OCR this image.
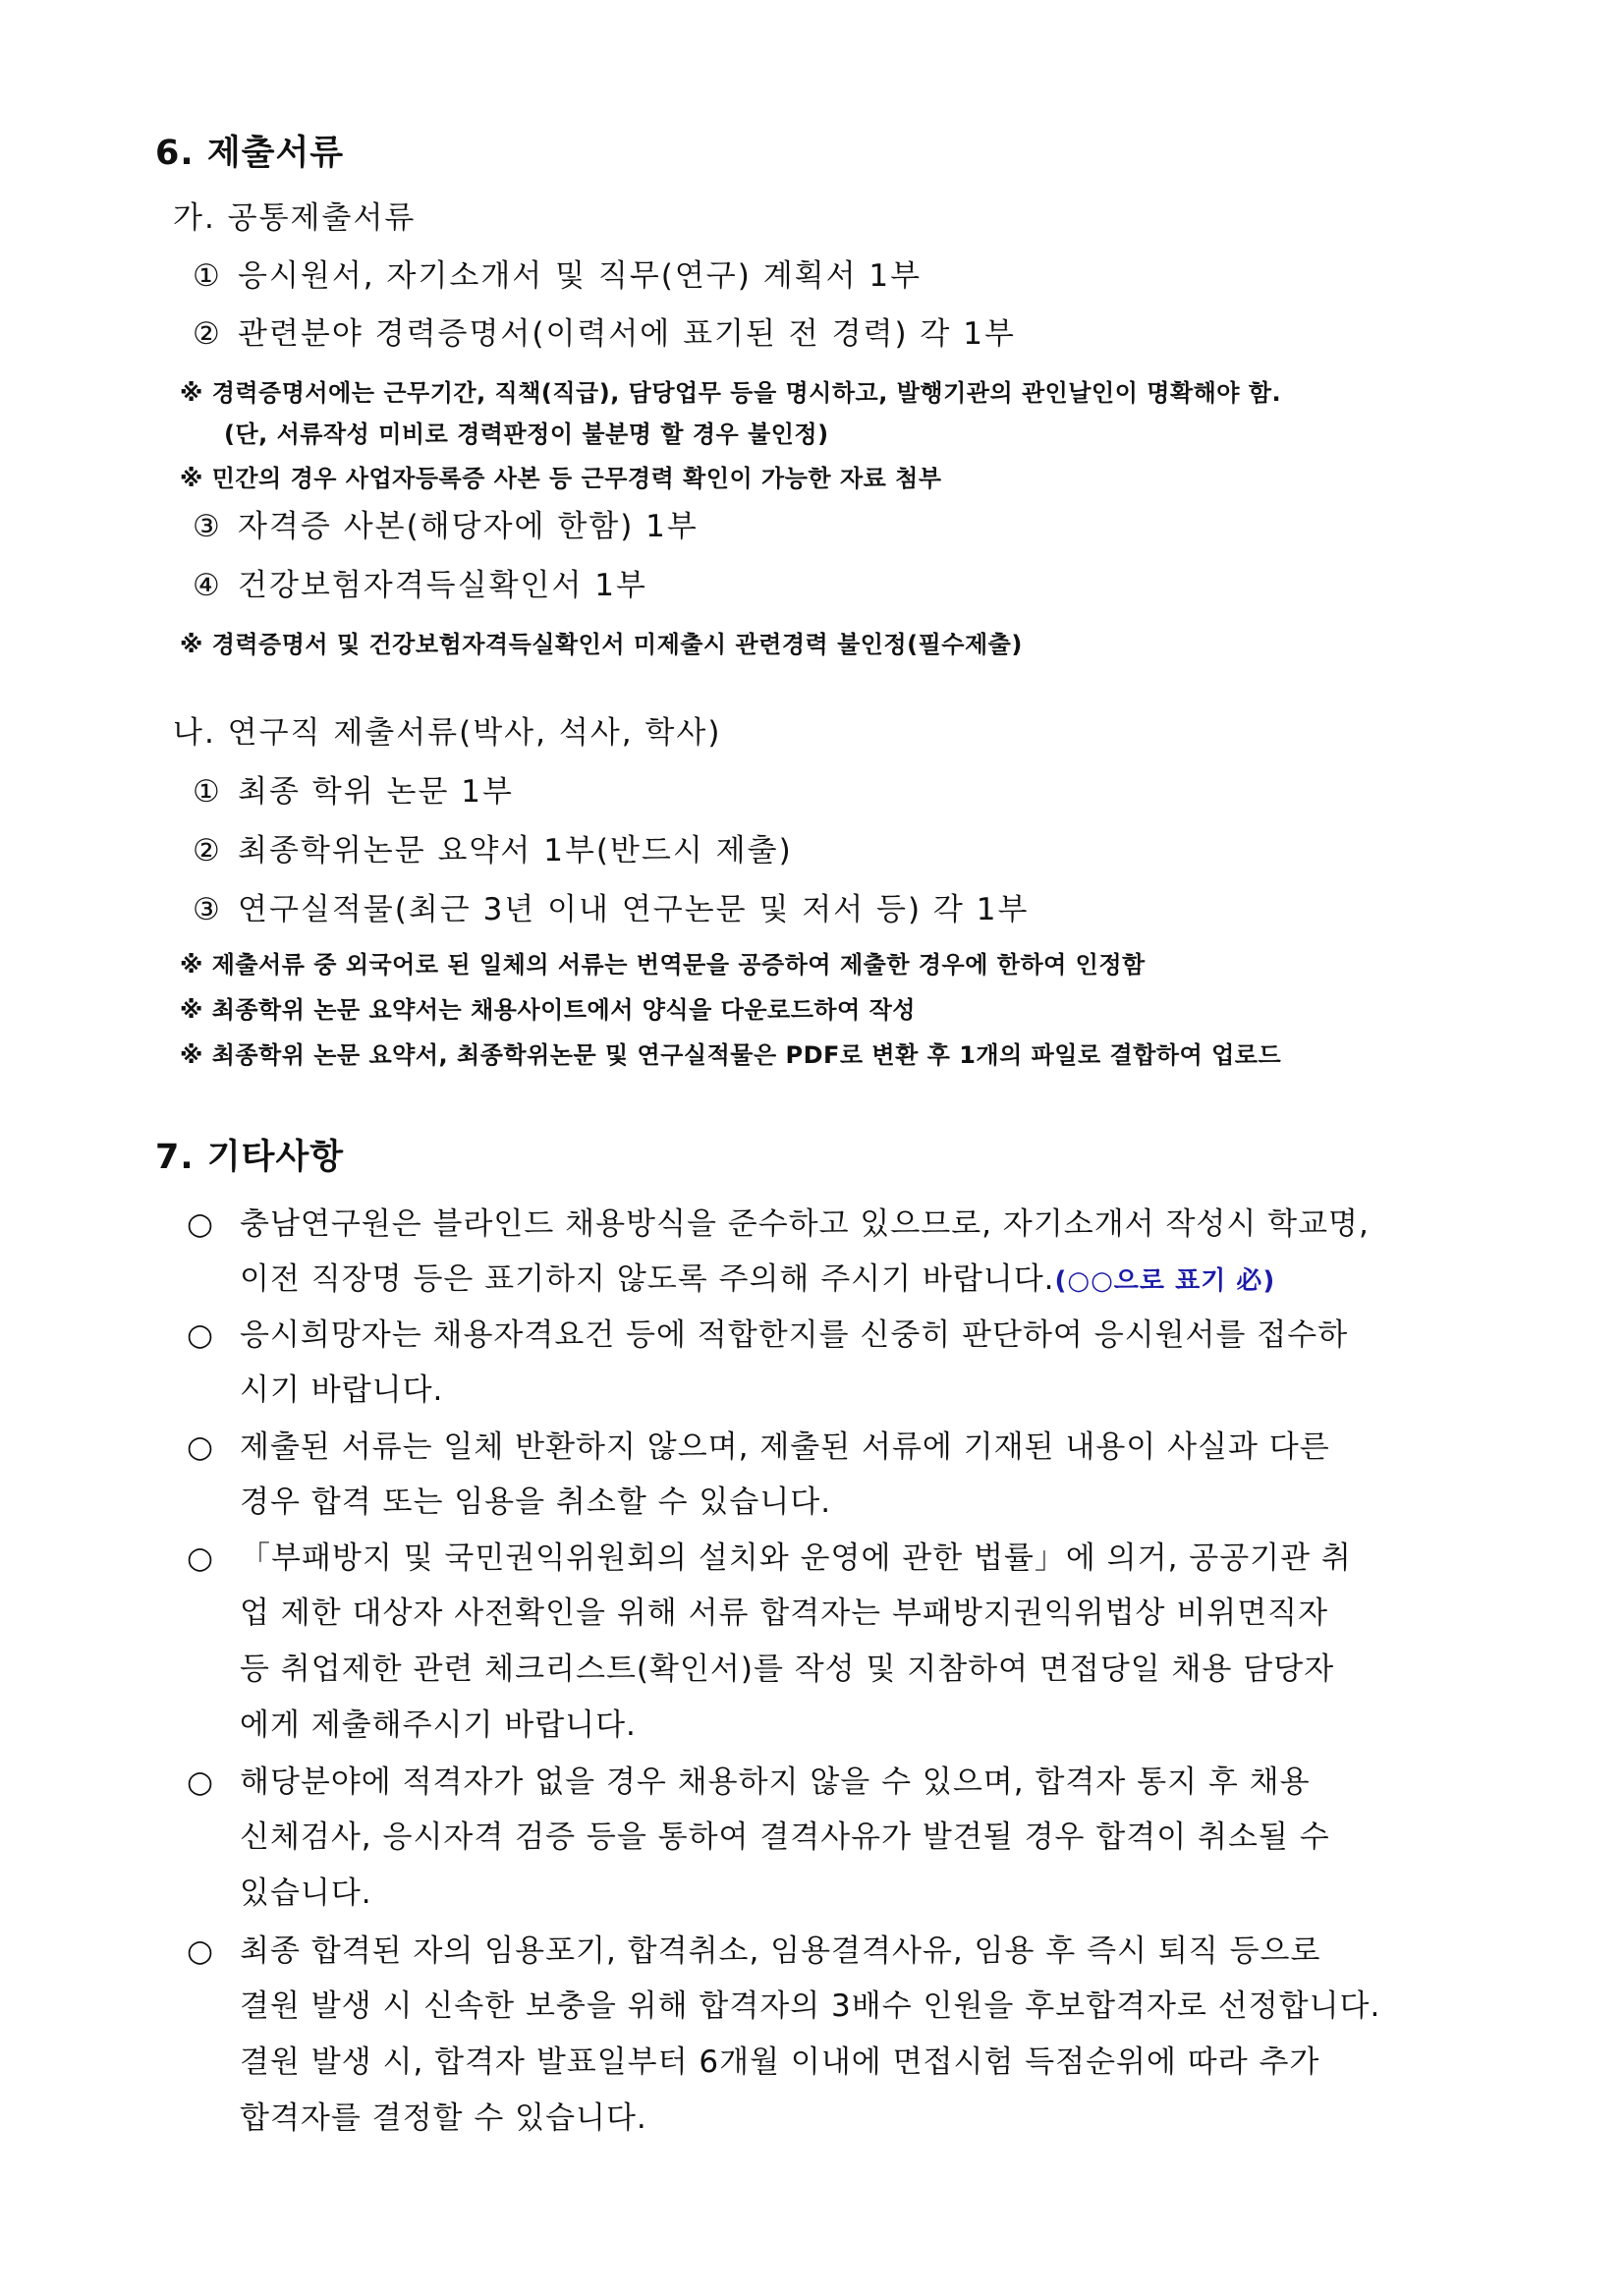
6. 제출서류
가. 공통제출서류
① 응시원서, 자기소개서 및 직무(연구) 계획서 1부
② 관련분야 경력증명서(이력서에 표기된 전 경력) 각 1부
※ 경력증명서에는 근무기간, 직책(직급), 담당업무 등을 명시하고, 발행기관의 관인날인이 명확해야 함.
(단, 서류작성 미비로 경력판정이 불분명 할 경우 불인정)
※ 민간의 경우 사업자등록증 사본 등 근무경력 확인이 가능한 자료 첨부
③ 자격증 사본(해당자에 한함) 1부
④ 건강보험자격득실확인서 1부
※ 경력증명서 및 건강보험자격득실확인서 미제출시 관련경력 불인정(필수제출)
나. 연구직 제출서류(박사, 석사, 학사)
① 최종 학위 논문 1부
② 최종학위논문 요약서 1부(반드시 제출)
③ 연구실적물(최근 3년 이내 연구논문 및 저서 등) 각 1부
※ 제출서류 중 외국어로 된 일체의 서류는 번역문을 공증하여 제출한 경우에 한하여 인정함
※ 최종학위 논문 요약서는 채용사이트에서 양식을 다운로드하여 작성
※ 최종학위 논문 요약서, 최종학위논문 및 연구실적물은 PDF로 변환 후 1개의 파일로 결합하여 업로드
7. 기타사항
○ 충남연구원은 블라인드 채용방식을 준수하고 있으므로, 자기소개서 작성시 학교명,
이전 직장명 등은 표기하지 않도록 주의해 주시기 바랍니다.(○○으로 표기 必)
○ 응시희망자는 채용자격요건 등에 적합한지를 신중히 판단하여 응시원서를 접수하
시기 바랍니다.
○ 제출된 서류는 일체 반환하지 않으며, 제출된 서류에 기재된 내용이 사실과 다른
경우 합격 또는 임용을 취소할 수 있습니다.
○ 「부패방지 및 국민권익위원회의 설치와 운영에 관한 법률」에 의거, 공공기관 취
업 제한 대상자 사전확인을 위해 서류 합격자는 부패방지권익위법상 비위면직자
등 취업제한 관련 체크리스트(확인서)를 작성 및 지참하여 면접당일 채용 담당자
에게 제출해주시기 바랍니다.
○ 해당분야에 적격자가 없을 경우 채용하지 않을 수 있으며, 합격자 통지 후 채용
신체검사, 응시자격 검증 등을 통하여 결격사유가 발견될 경우 합격이 취소될 수
있습니다.
○ 최종 합격된 자의 임용포기, 합격취소, 임용결격사유, 임용 후 즉시 퇴직 등으로
결원 발생 시 신속한 보충을 위해 합격자의 3배수 인원을 후보합격자로 선정합니다.
결원 발생 시, 합격자 발표일부터 6개월 이내에 면접시험 득점순위에 따라 추가
합격자를 결정할 수 있습니다.
